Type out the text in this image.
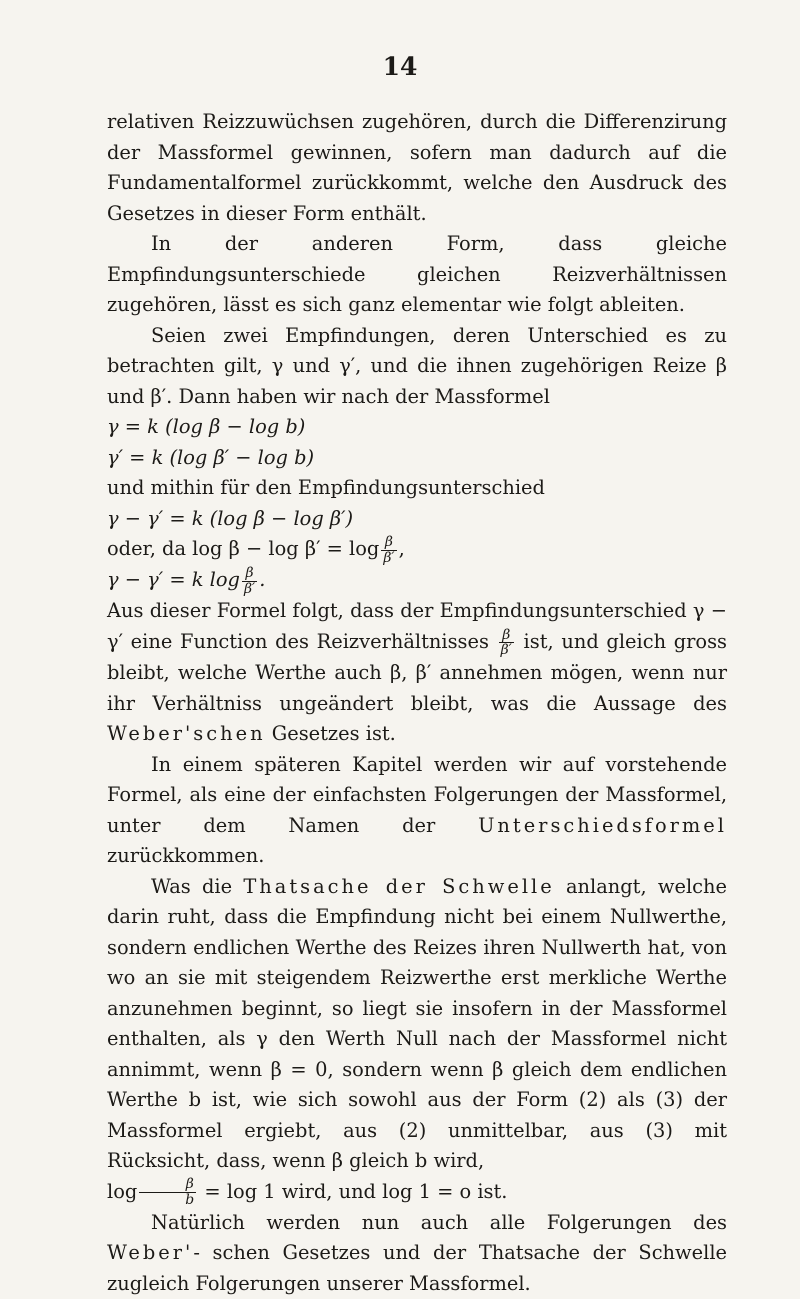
14

relativen Reizzuwüchsen zugehören, durch die Differenzirung der Massformel gewinnen, sofern man dadurch auf die Fundamentalformel zurückkommt, welche den Ausdruck des Gesetzes in dieser Form enthält.

In der anderen Form, dass gleiche Empfindungsunterschiede gleichen Reizverhältnissen zugehören, lässt es sich ganz elementar wie folgt ableiten.

Seien zwei Empfindungen, deren Unterschied es zu betrachten gilt, γ und γ′, und die ihnen zugehörigen Reize β und β′. Dann haben wir nach der Massformel

γ = k (log β − log b)

γ′ = k (log β′ − log b)

und mithin für den Empfindungsunterschied

γ − γ′ = k (log β − log β′)

oder, da $\log \beta - \log \beta' = \log \frac{\beta}{\beta'}$ ,

γ − γ′ = k $\log \frac{\beta}{\beta'}$ .

Aus dieser Formel folgt, dass der Empfindungsunterschied γ − γ′ eine Function des Reizverhältnisses $\frac{\beta}{\beta'}$ ist, und gleich gross bleibt, welche Werthe auch β, β′ annehmen mögen, wenn nur ihr Verhältniss ungeändert bleibt, was die Aussage des Weber'schen Gesetzes ist.

In einem späteren Kapitel werden wir auf vorstehende Formel, als eine der einfachsten Folgerungen der Massformel, unter dem Namen der Unterschiedsformel zurückkommen.

Was die Thatsache der Schwelle anlangt, welche darin ruht, dass die Empfindung nicht bei einem Nullwerthe, sondern endlichen Werthe des Reizes ihren Nullwerth hat, von wo an sie mit steigendem Reizwerthe erst merkliche Werthe anzunehmen beginnt, so liegt sie insofern in der Massformel enthalten, als γ den Werth Null nach der Massformel nicht annimmt, wenn β = 0, sondern wenn β gleich dem endlichen Werthe b ist, wie sich sowohl aus der Form (2) als (3) der Massformel ergiebt, aus (2) unmittelbar, aus (3) mit Rücksicht, dass, wenn β gleich b wird,
$\log \frac{\beta}{b} = \log 1$ wird, und log 1 = o ist.

Natürlich werden nun auch alle Folgerungen des Weber'- schen Gesetzes und der Thatsache der Schwelle zugleich Folgerungen unserer Massformel.
